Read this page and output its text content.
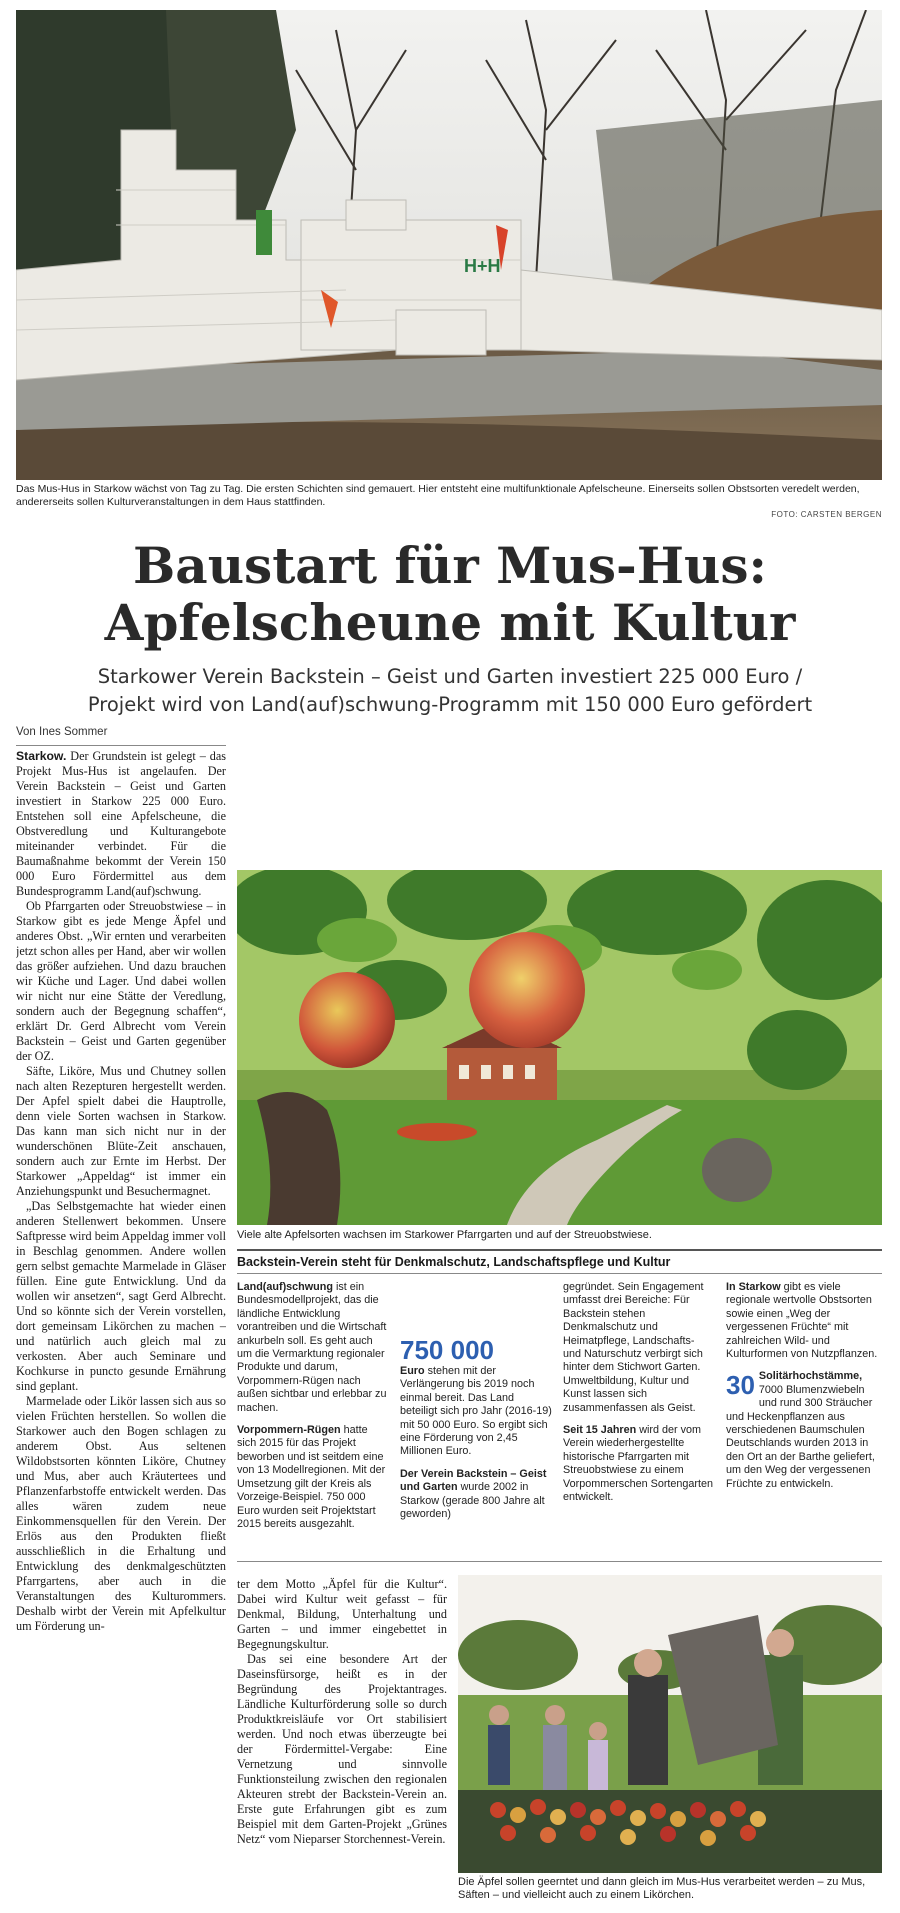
H+H
Das Mus-Hus in Starkow wächst von Tag zu Tag. Die ersten Schichten sind gemauert. Hier entsteht eine multifunktionale Apfelscheune. Einerseits sollen Obstsorten veredelt werden, andererseits sollen Kulturveranstaltungen in dem Haus stattfinden.
FOTO: CARSTEN BERGEN
Baustart für Mus-Hus:
Apfelscheune mit Kultur
Starkower Verein Backstein – Geist und Garten investiert 225 000 Euro /
Projekt wird von Land(auf)schwung-Programm mit 150 000 Euro gefördert
Von Ines Sommer

Starkow. Der Grundstein ist gelegt – das Projekt Mus-Hus ist angelaufen. Der Verein Backstein – Geist und Garten investiert in Starkow 225 000 Euro. Entstehen soll eine Apfelscheune, die Obstveredlung und Kulturangebote miteinander verbindet. Für die Baumaßnahme bekommt der Verein 150 000 Euro Fördermittel aus dem Bundesprogramm Land(auf)schwung.

Ob Pfarrgarten oder Streuobstwiese – in Starkow gibt es jede Menge Äpfel und anderes Obst. „Wir ernten und verarbeiten jetzt schon alles per Hand, aber wir wollen das größer aufziehen. Und dazu brauchen wir Küche und Lager. Und dabei wollen wir nicht nur eine Stätte der Veredlung, sondern auch der Begegnung schaffen“, erklärt Dr. Gerd Albrecht vom Verein Backstein – Geist und Garten gegenüber der OZ.

Säfte, Liköre, Mus und Chutney sollen nach alten Rezepturen hergestellt werden. Der Apfel spielt dabei die Hauptrolle, denn viele Sorten wachsen in Starkow. Das kann man sich nicht nur in der wunderschönen Blüte-Zeit anschauen, sondern auch zur Ernte im Herbst. Der Starkower „Appeldag“ ist immer ein Anziehungspunkt und Besuchermagnet.

„Das Selbstgemachte hat wieder einen anderen Stellenwert bekommen. Unsere Saftpresse wird beim Appeldag immer voll in Beschlag genommen. Andere wollen gern selbst gemachte Marmelade in Gläser füllen. Eine gute Entwicklung. Und da wollen wir ansetzen“, sagt Gerd Albrecht. Und so könnte sich der Verein vorstellen, dort gemeinsam Likörchen zu machen – und natürlich auch gleich mal zu verkosten. Aber auch Seminare und Kochkurse in puncto gesunde Ernährung sind geplant.

Marmelade oder Likör lassen sich aus so vielen Früchten herstellen. So wollen die Starkower auch den Bogen schlagen zu anderem Obst. Aus seltenen Wildobstsorten könnten Liköre, Chutney und Mus, aber auch Kräutertees und Pflanzenfarbstoffe entwickelt werden. Das alles wären zudem neue Einkommensquellen für den Verein. Der Erlös aus den Produkten fließt ausschließlich in die Erhaltung und Entwicklung des denkmalgeschützten Pfarrgartens, aber auch in die Veranstaltungen des Kulturommers. Deshalb wirbt der Verein mit Apfelkultur um Förderung un-

Viele alte Apfelsorten wachsen im Starkower Pfarrgarten und auf der Streuobstwiese.
Backstein-Verein steht für Denkmalschutz, Landschaftspflege und Kultur

Land(auf)schwung ist ein Bundesmodellprojekt, das die ländliche Entwicklung vorantreiben und die Wirtschaft ankurbeln soll. Es geht auch um die Vermarktung regionaler Produkte und darum, Vorpommern-Rügen nach außen sichtbar und erlebbar zu machen.

Vorpommern-Rügen hatte sich 2015 für das Projekt beworben und ist seitdem eine von 13 Modellregionen. Mit der Umsetzung gilt der Kreis als Vorzeige-Beispiel. 750 000 Euro wurden seit Projektstart 2015 bereits ausgezahlt.

750 000

Euro stehen mit der Verlängerung bis 2019 noch einmal bereit. Das Land beteiligt sich pro Jahr (2016-19) mit 50 000 Euro. So ergibt sich eine Förderung von 2,45 Millionen Euro.

Der Verein Backstein – Geist und Garten wurde 2002 in Starkow (gerade 800 Jahre alt geworden)

gegründet. Sein Engagement umfasst drei Bereiche: Für Backstein stehen Denkmalschutz und Heimatpflege, Landschafts- und Naturschutz verbirgt sich hinter dem Stichwort Garten. Umweltbildung, Kultur und Kunst lassen sich zusammenfassen als Geist.

Seit 15 Jahren wird der vom Verein wiederhergestellte historische Pfarrgarten mit Streuobstwiese zu einem Vorpommerschen Sortengarten entwickelt.

In Starkow gibt es viele regionale wertvolle Obstsorten sowie einen „Weg der vergessenen Früchte“ mit zahlreichen Wild- und Kulturformen von Nutzpflanzen.

30 Solitärhochstämme, 7000 Blumenzwiebeln und rund 300 Sträucher und Heckenpflanzen aus verschiedenen Baumschulen Deutschlands wurden 2013 in den Ort an der Barthe geliefert, um den Weg der vergessenen Früchte zu entwickeln.

ter dem Motto „Äpfel für die Kultur“. Dabei wird Kultur weit gefasst – für Denkmal, Bildung, Unterhaltung und Garten – und immer eingebettet in Begegnungskultur.

Das sei eine besondere Art der Daseinsfürsorge, heißt es in der Begründung des Projektantrages. Ländliche Kulturförderung solle so durch Produktkreisläufe vor Ort stabilisiert werden. Und noch etwas überzeugte bei der Fördermittel-Vergabe: Eine Vernetzung und sinnvolle Funktionsteilung zwischen den regionalen Akteuren strebt der Backstein-Verein an. Erste gute Erfahrungen gibt es zum Beispiel mit dem Garten-Projekt „Grünes Netz“ vom Nieparser Storchennest-Verein.

Die Äpfel sollen geerntet und dann gleich im Mus-Hus verarbeitet werden – zu Mus, Säften – und vielleicht auch zu einem Likörchen.
